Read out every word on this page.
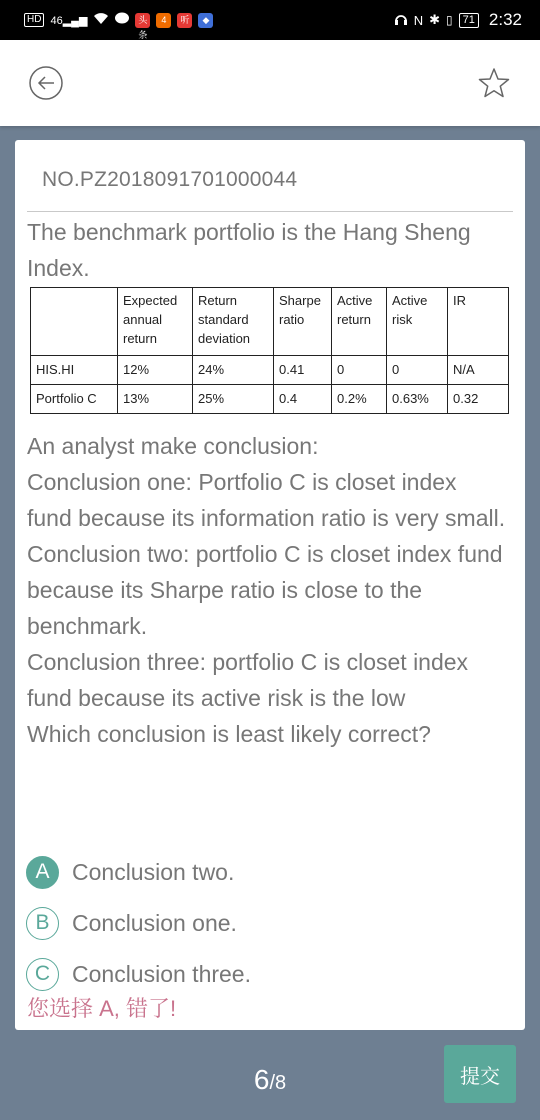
HD 46▂▄▆	头条
4	听	◆	N ✱ ▯ 71 2:32
NO.PZ2018091701000044
The benchmark portfolio is the Hang Sheng Index.
	Expected annual return	Return standard deviation	Sharpe ratio	Active return	Active risk	IR
HIS.HI	12%	24%	0.41	0	0	N/A
Portfolio C	13%	25%	0.4	0.2%	0.63%	0.32
An analyst make conclusion:
Conclusion one: Portfolio C is closet index fund because its information ratio is very small.
Conclusion two: portfolio C is closet index fund because its Sharpe ratio is close to the benchmark.
Conclusion three: portfolio C is closet index fund because its active risk is the low
Which conclusion is least likely correct?
A Conclusion two.
B Conclusion one.
C Conclusion three.
您选择 A, 错了!
6/8	提交
